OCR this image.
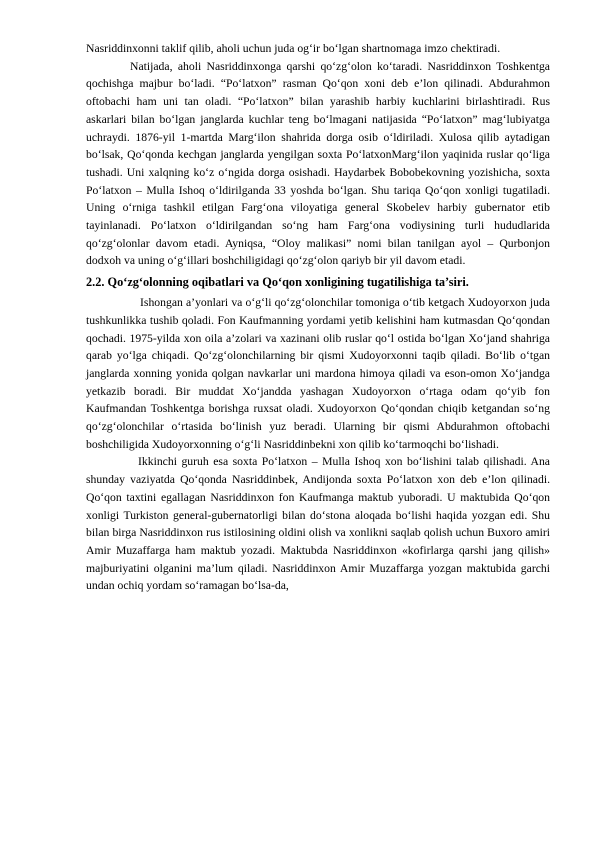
Nasriddinxonni taklif qilib, aholi uchun juda og‘ir bo‘lgan shartnomaga imzo chektiradi.

Natijada, aholi Nasriddinxonga qarshi qo‘zg‘olon ko‘taradi. Nasriddinxon Toshkentga qochishga majbur bo‘ladi. “Po‘latxon” rasman Qo‘qon xoni deb e’lon qilinadi. Abdurahmon oftobachi ham uni tan oladi. “Po‘latxon” bilan yarashib harbiy kuchlarini birlashtiradi. Rus askarlari bilan bo‘lgan janglarda kuchlar teng bo‘lmagani natijasida “Po‘latxon” mag‘lubiyatga uchraydi. 1876-yil 1-martda Marg‘ilon shahrida dorga osib o‘ldiriladi. Xulosa qilib aytadigan bo‘lsak, Qo‘qonda kechgan janglarda yengilgan soxta Po‘latxonMarg‘ilon yaqinida ruslar qo‘liga tushadi. Uni xalqning ko‘z o‘ngida dorga osishadi. Haydarbek Bobobekovning yozishicha, soxta Po‘latxon – Mulla Ishoq o‘ldirilganda 33 yoshda bo‘lgan. Shu tariqa Qo‘qon xonligi tugatiladi. Uning o‘rniga tashkil etilgan Farg‘ona viloyatiga general Skobelev harbiy gubernator etib tayinlanadi. Po‘latxon o‘ldirilgandan so‘ng ham Farg‘ona vodiysining turli hududlarida qo‘zg‘olonlar davom etadi. Ayniqsa, “Oloy malikasi” nomi bilan tanilgan ayol – Qurbonjon dodxoh va uning o‘g‘illari boshchiligidagi qo‘zg‘olon qariyb bir yil davom etadi.

2.2. Qo‘zg‘olonning oqibatlari va Qo‘qon xonligining tugatilishiga ta’siri.

Ishongan a’yonlari va o‘g‘li qo‘zg‘olonchilar tomoniga o‘tib ketgach Xudoyorxon juda tushkunlikka tushib qoladi. Fon Kaufmanning yordami yetib kelishini ham kutmasdan Qo‘qondan qochadi. 1975-yilda xon oila a’zolari va xazinani olib ruslar qo‘l ostida bo‘lgan Xo‘jand shahriga qarab yo‘lga chiqadi. Qo‘zg‘olonchilarning bir qismi Xudoyorxonni taqib qiladi. Bo‘lib o‘tgan janglarda xonning yonida qolgan navkarlar uni mardona himoya qiladi va eson-omon Xo‘jandga yetkazib boradi. Bir muddat Xo‘jandda yashagan Xudoyorxon o‘rtaga odam qo‘yib fon Kaufmandan Toshkentga borishga ruxsat oladi. Xudoyorxon Qo‘qondan chiqib ketgandan so‘ng qo‘zg‘olonchilar o‘rtasida bo‘linish yuz beradi. Ularning bir qismi Abdurahmon oftobachi boshchiligida Xudoyorxonning o‘g‘li Nasriddinbekni xon qilib ko‘tarmoqchi bo‘lishadi.

Ikkinchi guruh esa soxta Po‘latxon – Mulla Ishoq xon bo‘lishini talab qilishadi. Ana shunday vaziyatda Qo‘qonda Nasriddinbek, Andijonda soxta Po‘latxon xon deb e’lon qilinadi. Qo‘qon taxtini egallagan Nasriddinxon fon Kaufmanga maktub yuboradi. U maktubida Qo‘qon xonligi Turkiston general-gubernatorligi bilan do‘stona aloqada bo‘lishi haqida yozgan edi. Shu bilan birga Nasriddinxon rus istilosining oldini olish va xonlikni saqlab qolish uchun Buxoro amiri Amir Muzaffarga ham maktub yozadi. Maktubda Nasriddinxon «kofirlarga qarshi jang qilish» majburiyatini olganini ma’lum qiladi. Nasriddinxon Amir Muzaffarga yozgan maktubida garchi undan ochiq yordam so‘ramagan bo‘lsa-da,
